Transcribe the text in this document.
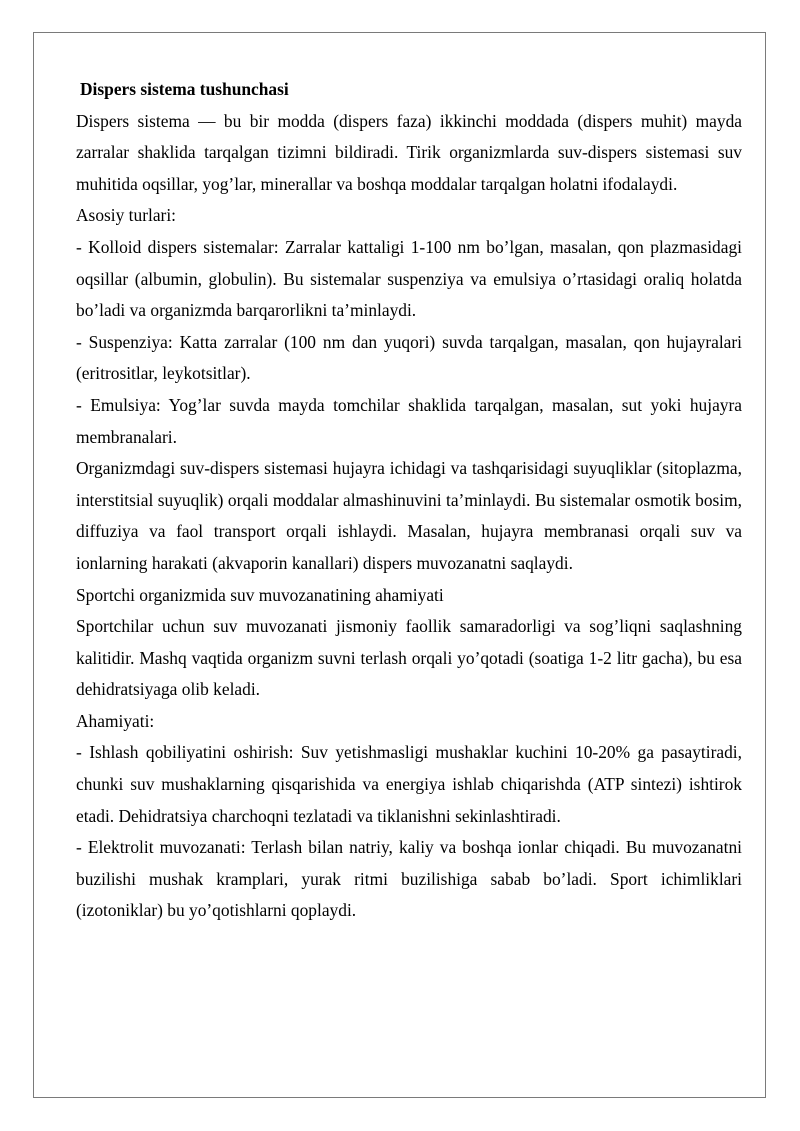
Dispers sistema tushunchasi

Dispers sistema — bu bir modda (dispers faza) ikkinchi moddada (dispers muhit) mayda zarralar shaklida tarqalgan tizimni bildiradi. Tirik organizmlarda suv-dispers sistemasi suv muhitida oqsillar, yog’lar, minerallar va boshqa moddalar tarqalgan holatni ifodalaydi.

Asosiy turlari:

- Kolloid dispers sistemalar: Zarralar kattaligi 1-100 nm bo’lgan, masalan, qon plazmasidagi oqsillar (albumin, globulin). Bu sistemalar suspenziya va emulsiya o’rtasidagi oraliq holatda bo’ladi va organizmda barqarorlikni ta’minlaydi.

- Suspenziya: Katta zarralar (100 nm dan yuqori) suvda tarqalgan, masalan, qon hujayralari (eritrositlar, leykotsitlar).

- Emulsiya: Yog’lar suvda mayda tomchilar shaklida tarqalgan, masalan, sut yoki hujayra membranalari.

Organizmdagi suv-dispers sistemasi hujayra ichidagi va tashqarisidagi suyuqliklar (sitoplazma, interstitsial suyuqlik) orqali moddalar almashinuvini ta’minlaydi. Bu sistemalar osmotik bosim, diffuziya va faol transport orqali ishlaydi. Masalan, hujayra membranasi orqali suv va ionlarning harakati (akvaporin kanallari) dispers muvozanatni saqlaydi.

Sportchi organizmida suv muvozanatining ahamiyati

Sportchilar uchun suv muvozanati jismoniy faollik samaradorligi va sog’liqni saqlashning kalitidir. Mashq vaqtida organizm suvni terlash orqali yo’qotadi (soatiga 1-2 litr gacha), bu esa dehidratsiyaga olib keladi.

Ahamiyati:

- Ishlash qobiliyatini oshirish: Suv yetishmasligi mushaklar kuchini 10-20% ga pasaytiradi, chunki suv mushaklarning qisqarishida va energiya ishlab chiqarishda (ATP sintezi) ishtirok etadi. Dehidratsiya charchoqni tezlatadi va tiklanishni sekinlashtiradi.

- Elektrolit muvozanati: Terlash bilan natriy, kaliy va boshqa ionlar chiqadi. Bu muvozanatni buzilishi mushak kramplari, yurak ritmi buzilishiga sabab bo’ladi. Sport ichimliklari (izotoniklar) bu yo’qotishlarni qoplaydi.
